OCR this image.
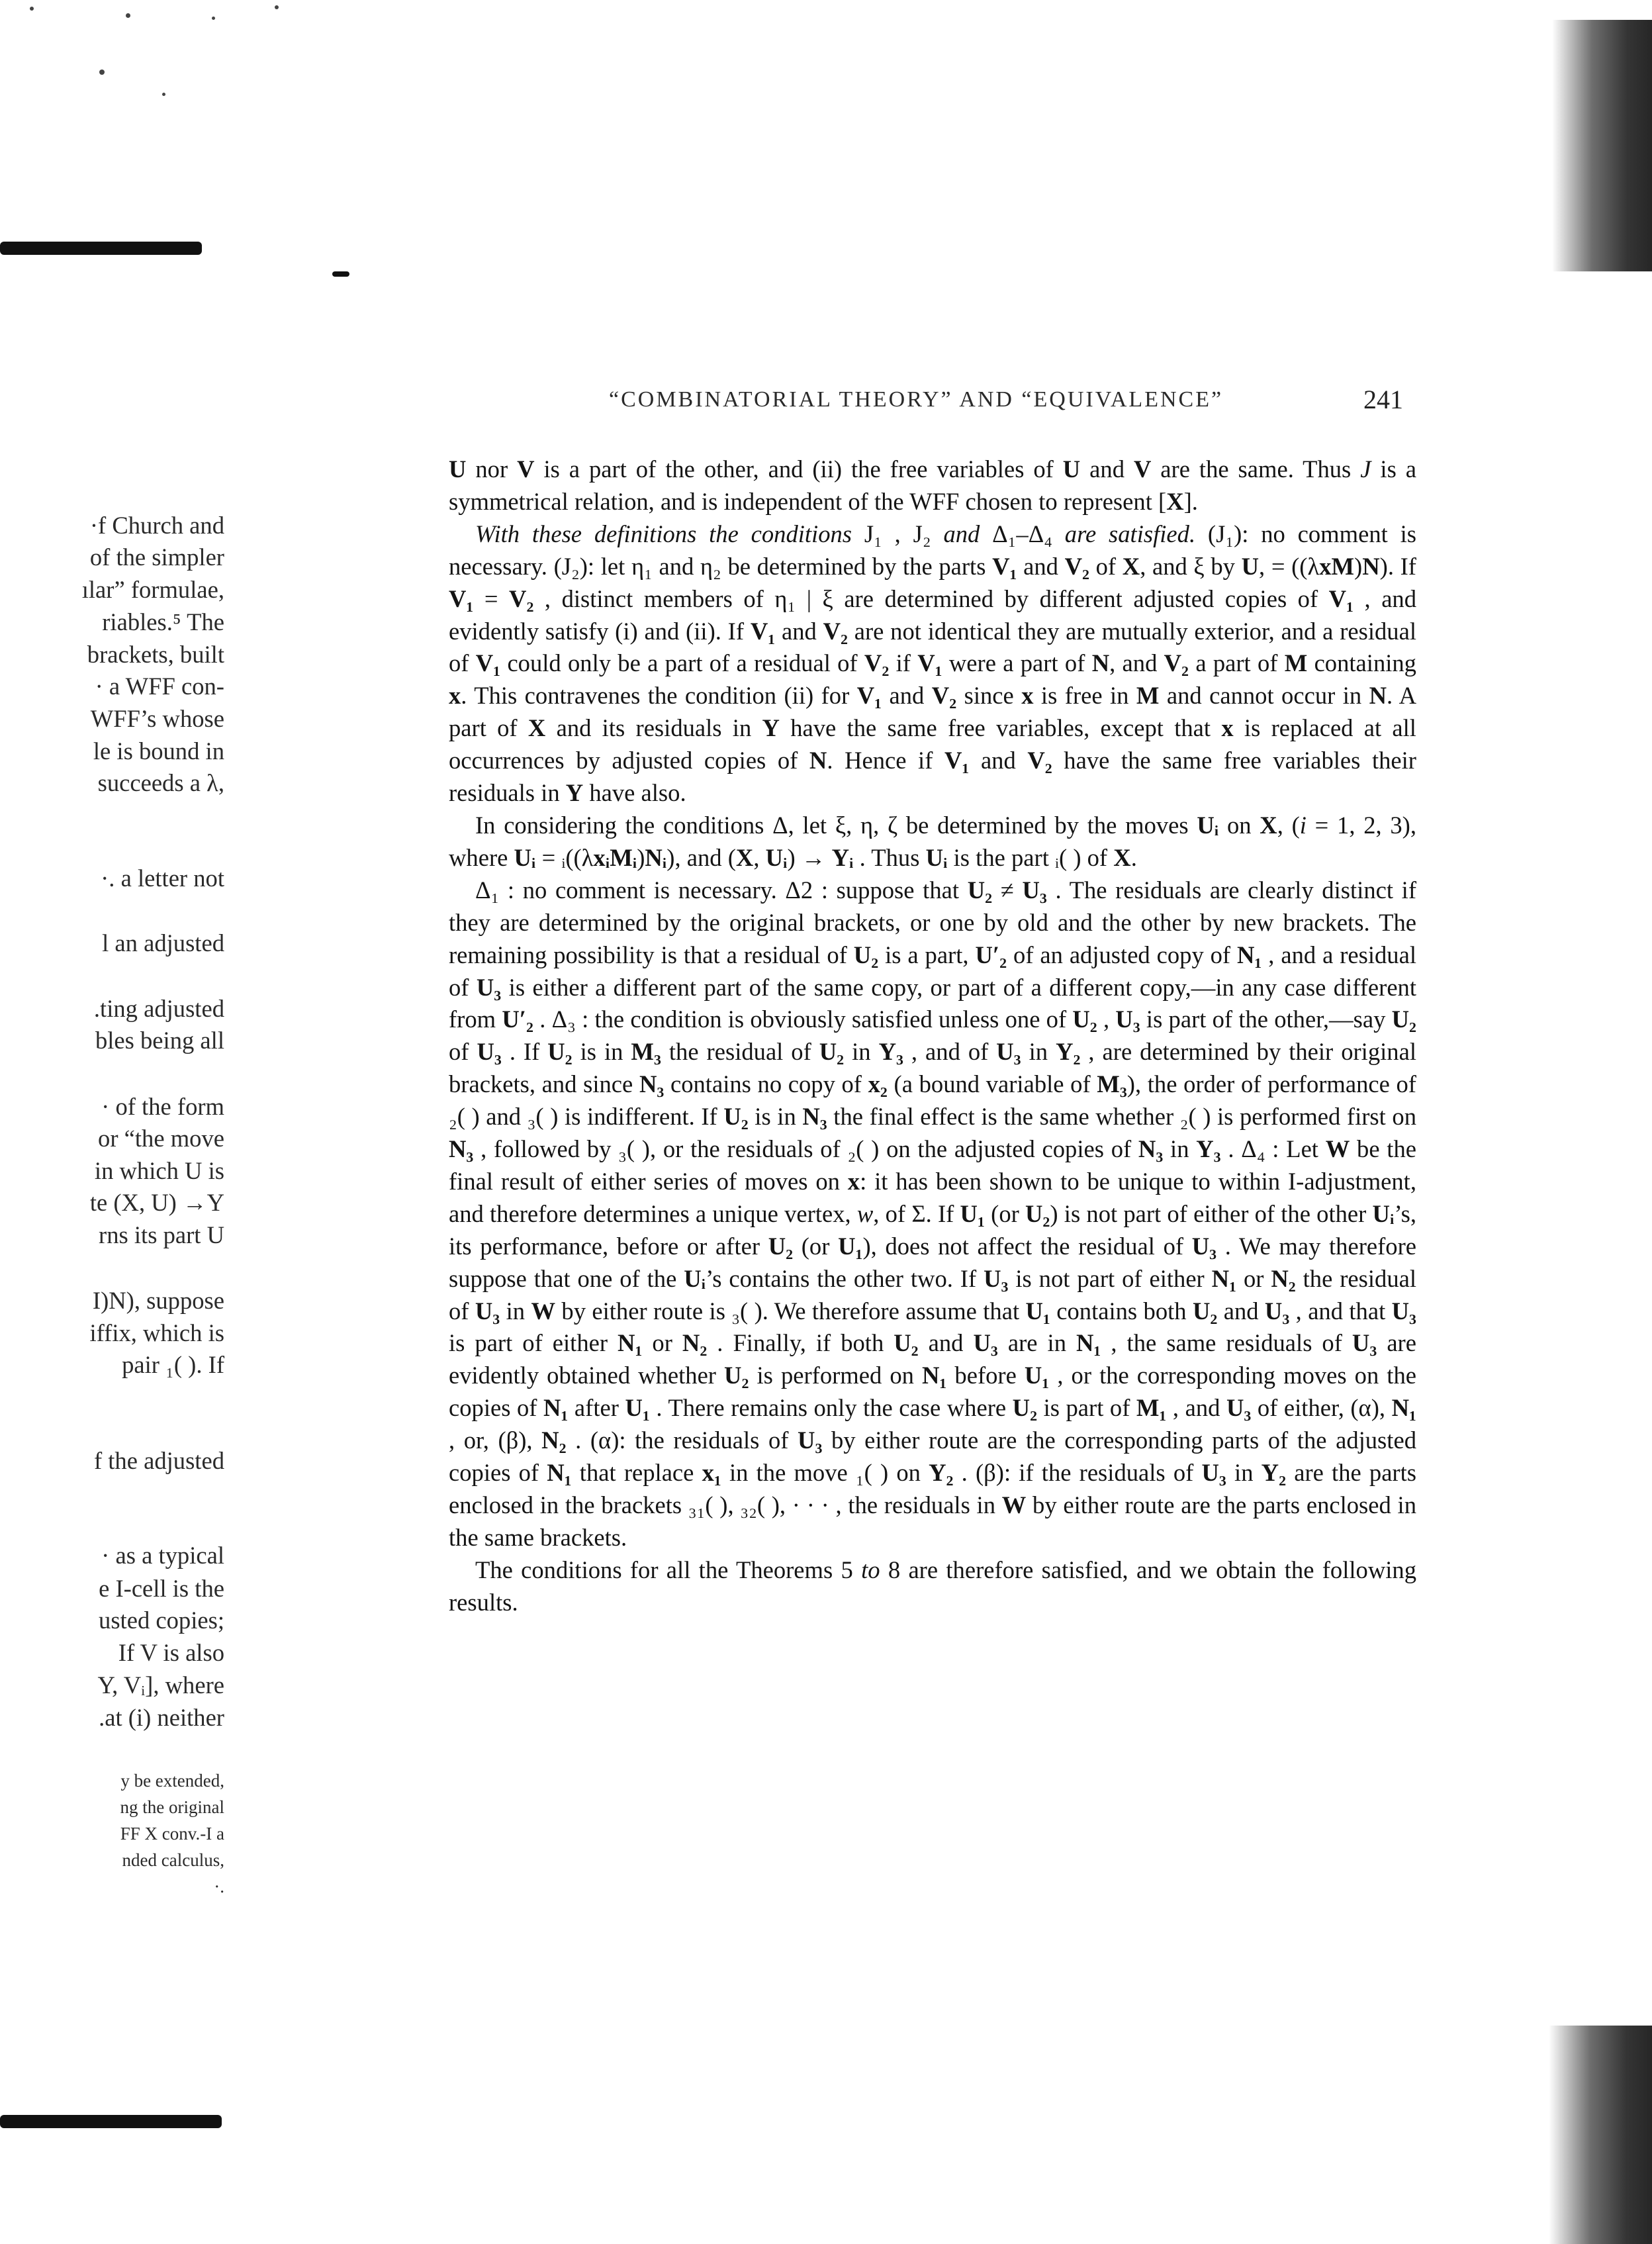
“COMBINATORIAL THEORY” AND “EQUIVALENCE”	241
·f Church and
of the simpler
ılar” formulae,
riables.⁵ The
brackets, built
· a WFF con-
WFF’s whose
le is bound in
succeeds a λ,
·. a letter not
l an adjusted
.ting adjusted
bles being all
· of the form
or “the move
in which U is
te (X, U) →Y
rns its part U
I)N), suppose
iffix, which is
pair ₁( ). If
f the adjusted
· as a typical
e I-cell is the
usted copies;
If V is also
Y, Vᵢ], where
.at (i) neither
y be extended,
ng the original
FF X conv.-I a
nded calculus,
·.

U nor V is a part of the other, and (ii) the free variables of U and V are the same. Thus J is a symmetrical relation, and is independent of the WFF chosen to represent [X].

With these definitions the conditions J₁ , J₂ and Δ₁–Δ₄ are satisfied. (J₁): no comment is necessary. (J₂): let η₁ and η₂ be determined by the parts V₁ and V₂ of X, and ξ by U, = ((λxM)N). If V₁ = V₂ , distinct members of η₁ | ξ are determined by different adjusted copies of V₁ , and evidently satisfy (i) and (ii). If V₁ and V₂ are not identical they are mutually exterior, and a residual of V₁ could only be a part of a residual of V₂ if V₁ were a part of N, and V₂ a part of M containing x. This contravenes the condition (ii) for V₁ and V₂ since x is free in M and cannot occur in N. A part of X and its residuals in Y have the same free variables, except that x is replaced at all occurrences by adjusted copies of N. Hence if V₁ and V₂ have the same free variables their residuals in Y have also.

In considering the conditions Δ, let ξ, η, ζ be determined by the moves Uᵢ on X, (i = 1, 2, 3), where Uᵢ = ᵢ((λxᵢMᵢ)Nᵢ), and (X, Uᵢ) → Yᵢ . Thus Uᵢ is the part ᵢ( ) of X.

Δ₁ : no comment is necessary. Δ2 : suppose that U₂ ≠ U₃ . The residuals are clearly distinct if they are determined by the original brackets, or one by old and the other by new brackets. The remaining possibility is that a residual of U₂ is a part, U′₂ of an adjusted copy of N₁ , and a residual of U₃ is either a different part of the same copy, or part of a different copy,—in any case different from U′₂ . Δ₃ : the condition is obviously satisfied unless one of U₂ , U₃ is part of the other,—say U₂ of U₃ . If U₂ is in M₃ the residual of U₂ in Y₃ , and of U₃ in Y₂ , are determined by their original brackets, and since N₃ contains no copy of x₂ (a bound variable of M₃), the order of performance of ₂( ) and ₃( ) is indifferent. If U₂ is in N₃ the final effect is the same whether ₂( ) is performed first on N₃ , followed by ₃( ), or the residuals of ₂( ) on the adjusted copies of N₃ in Y₃ . Δ₄ : Let W be the final result of either series of moves on x: it has been shown to be unique to within I-adjustment, and therefore determines a unique vertex, w, of Σ. If U₁ (or U₂) is not part of either of the other Uᵢ’s, its performance, before or after U₂ (or U₁), does not affect the residual of U₃ . We may therefore suppose that one of the Uᵢ’s contains the other two. If U₃ is not part of either N₁ or N₂ the residual of U₃ in W by either route is ₃( ). We therefore assume that U₁ contains both U₂ and U₃ , and that U₃ is part of either N₁ or N₂ . Finally, if both U₂ and U₃ are in N₁ , the same residuals of U₃ are evidently obtained whether U₂ is performed on N₁ before U₁ , or the corresponding moves on the copies of N₁ after U₁ . There remains only the case where U₂ is part of M₁ , and U₃ of either, (α), N₁ , or, (β), N₂ . (α): the residuals of U₃ by either route are the corresponding parts of the adjusted copies of N₁ that replace x₁ in the move ₁( ) on Y₂ . (β): if the residuals of U₃ in Y₂ are the parts enclosed in the brackets ₃₁( ), ₃₂( ), · · · , the residuals in W by either route are the parts enclosed in the same brackets.

The conditions for all the Theorems 5 to 8 are therefore satisfied, and we obtain the following results.
